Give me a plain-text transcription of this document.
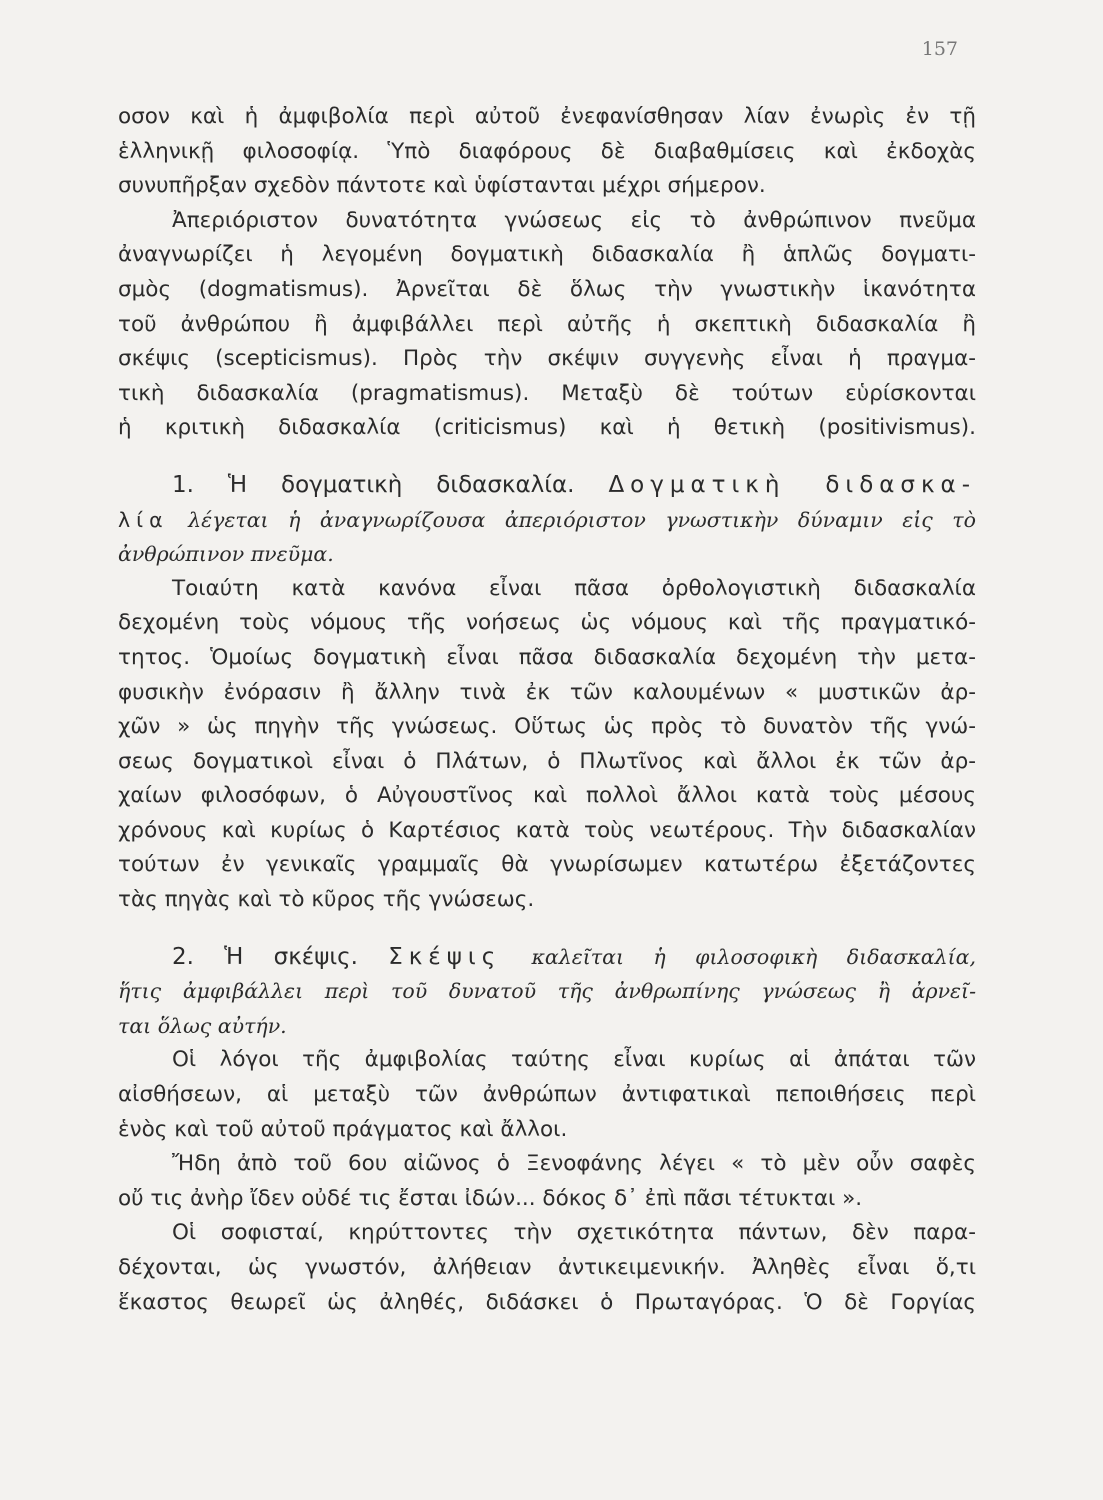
157
οσον καὶ ἡ ἀμφιβολία περὶ αὐτοῦ ἐνεφανίσθησαν λίαν ἐνωρὶς ἐν τῇ
ἑλληνικῇ φιλοσοφίᾳ. Ὑπὸ διαφόρους δὲ διαβαθμίσεις καὶ ἐκδοχὰς
συνυπῆρξαν σχεδὸν πάντοτε καὶ ὑφίστανται μέχρι σήμερον.
Ἀπεριόριστον δυνατότητα γνώσεως εἰς τὸ ἀνθρώπινον πνεῦμα
ἀναγνωρίζει ἡ λεγομένη δογματικὴ διδασκαλία ἢ ἁπλῶς δογματι-
σμὸς (dogmatismus). Ἀρνεῖται δὲ ὅλως τὴν γνωστικὴν ἱκανότητα
τοῦ ἀνθρώπου ἢ ἀμφιβάλλει περὶ αὐτῆς ἡ σκεπτικὴ διδασκαλία ἢ
σκέψις (scepticismus). Πρὸς τὴν σκέψιν συγγενὴς εἶναι ἡ πραγμα-
τικὴ διδασκαλία (pragmatismus). Μεταξὺ δὲ τούτων εὑρίσκονται
ἡ κριτικὴ διδασκαλία (criticismus) καὶ ἡ θετικὴ (positivismus).
1. Ἡ δογματικὴ διδασκαλία. Δογματικὴ διδασκα-
λία λέγεται ἡ ἀναγνωρίζουσα ἀπεριόριστον γνωστικὴν δύναμιν εἰς τὸ
ἀνθρώπινον πνεῦμα.
Τοιαύτη κατὰ κανόνα εἶναι πᾶσα ὀρθολογιστικὴ διδασκαλία
δεχομένη τοὺς νόμους τῆς νοήσεως ὡς νόμους καὶ τῆς πραγματικό-
τητος. Ὁμοίως δογματικὴ εἶναι πᾶσα διδασκαλία δεχομένη τὴν μετα-
φυσικὴν ἐνόρασιν ἢ ἄλλην τινὰ ἐκ τῶν καλουμένων « μυστικῶν ἀρ-
χῶν » ὡς πηγὴν τῆς γνώσεως. Οὕτως ὡς πρὸς τὸ δυνατὸν τῆς γνώ-
σεως δογματικοὶ εἶναι ὁ Πλάτων, ὁ Πλωτῖνος καὶ ἄλλοι ἐκ τῶν ἀρ-
χαίων φιλοσόφων, ὁ Αὐγουστῖνος καὶ πολλοὶ ἄλλοι κατὰ τοὺς μέσους
χρόνους καὶ κυρίως ὁ Καρτέσιος κατὰ τοὺς νεωτέρους. Τὴν διδασκαλίαν
τούτων ἐν γενικαῖς γραμμαῖς θὰ γνωρίσωμεν κατωτέρω ἐξετάζοντες
τὰς πηγὰς καὶ τὸ κῦρος τῆς γνώσεως.
2. Ἡ σκέψις. Σκέψις καλεῖται ἡ φιλοσοφικὴ διδασκαλία,
ἥτις ἀμφιβάλλει περὶ τοῦ δυνατοῦ τῆς ἀνθρωπίνης γνώσεως ἢ ἀρνεῖ-
ται ὅλως αὐτήν.
Οἱ λόγοι τῆς ἀμφιβολίας ταύτης εἶναι κυρίως αἱ ἀπάται τῶν
αἰσθήσεων, αἱ μεταξὺ τῶν ἀνθρώπων ἀντιφατικαὶ πεποιθήσεις περὶ
ἑνὸς καὶ τοῦ αὐτοῦ πράγματος καὶ ἄλλοι.
Ἤδη ἀπὸ τοῦ 6ου αἰῶνος ὁ Ξενοφάνης λέγει « τὸ μὲν οὖν σαφὲς
οὔ τις ἀνὴρ ἴδεν οὐδέ τις ἔσται ἰδών... δόκος δ᾽ ἐπὶ πᾶσι τέτυκται ».
Οἱ σοφισταί, κηρύττοντες τὴν σχετικότητα πάντων, δὲν παρα-
δέχονται, ὡς γνωστόν, ἀλήθειαν ἀντικειμενικήν. Ἀληθὲς εἶναι ὅ,τι
ἕκαστος θεωρεῖ ὡς ἀληθές, διδάσκει ὁ Πρωταγόρας. Ὁ δὲ Γοργίας
